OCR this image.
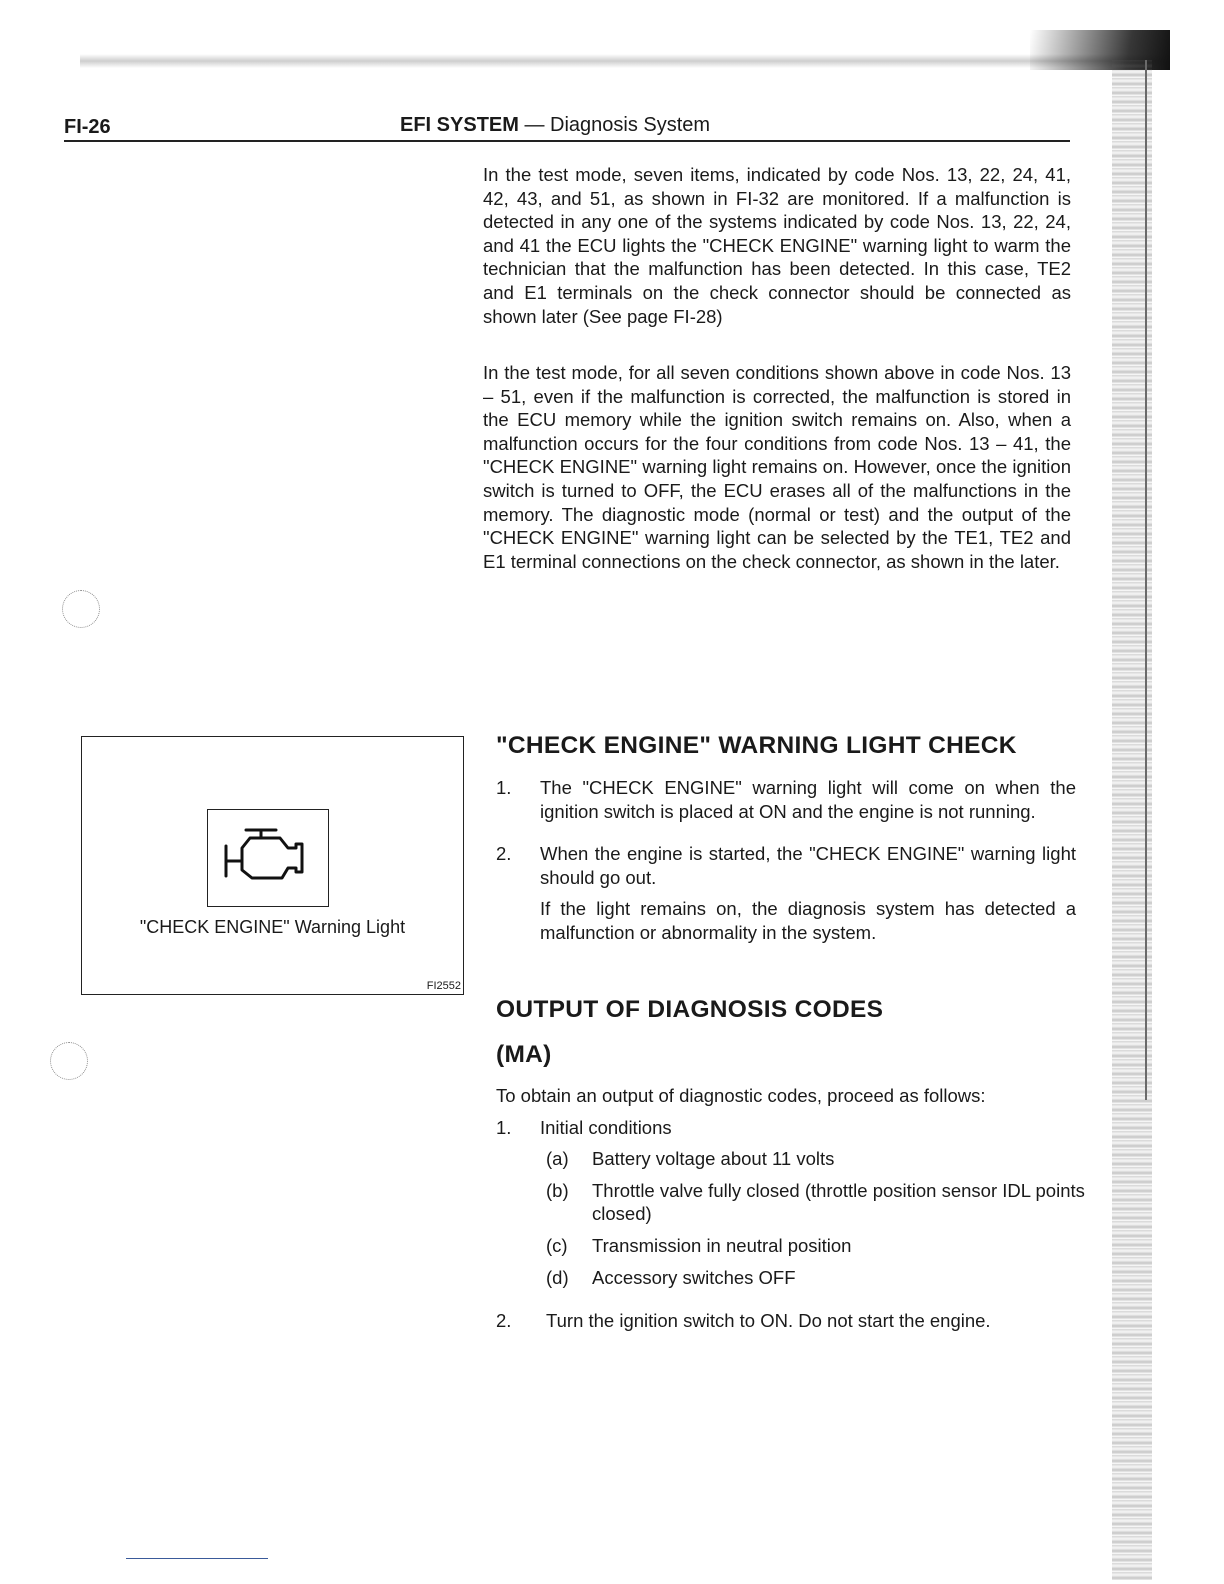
FI-26	EFI SYSTEM — Diagnosis System
In the test mode, seven items, indicated by code Nos. 13, 22, 24, 41, 42, 43, and 51, as shown in FI-32 are monitored. If a malfunction is detected in any one of the systems indicated by code Nos. 13, 22, 24, and 41 the ECU lights the "CHECK ENGINE" warning light to warm the technician that the malfunction has been detected. In this case, TE2 and E1 terminals on the check connector should be connected as shown later (See page FI-28)
In the test mode, for all seven conditions shown above in code Nos. 13 – 51, even if the malfunction is corrected, the malfunction is stored in the ECU memory while the ignition switch remains on. Also, when a malfunction occurs for the four conditions from code Nos. 13 – 41, the "CHECK ENGINE" warning light remains on. However, once the ignition switch is turned to OFF, the ECU erases all of the malfunctions in the memory. The diagnostic mode (normal or test) and the output of the "CHECK ENGINE" warning light can be selected by the TE1, TE2 and E1 terminal connections on the check connector, as shown in the later.
"CHECK ENGINE" Warning Light
FI2552
"CHECK ENGINE" WARNING LIGHT CHECK
1. The "CHECK ENGINE" warning light will come on when the ignition switch is placed at ON and the engine is not running.
2. When the engine is started, the "CHECK ENGINE" warning light should go out.
If the light remains on, the diagnosis system has detected a malfunction or abnormality in the system.
OUTPUT OF DIAGNOSIS CODES
(MA)
To obtain an output of diagnostic codes, proceed as follows:
1. Initial conditions
(a) Battery voltage about 11 volts
(b) Throttle valve fully closed (throttle position sensor IDL points closed)
(c) Transmission in neutral position
(d) Accessory switches OFF
2. Turn the ignition switch to ON. Do not start the engine.
